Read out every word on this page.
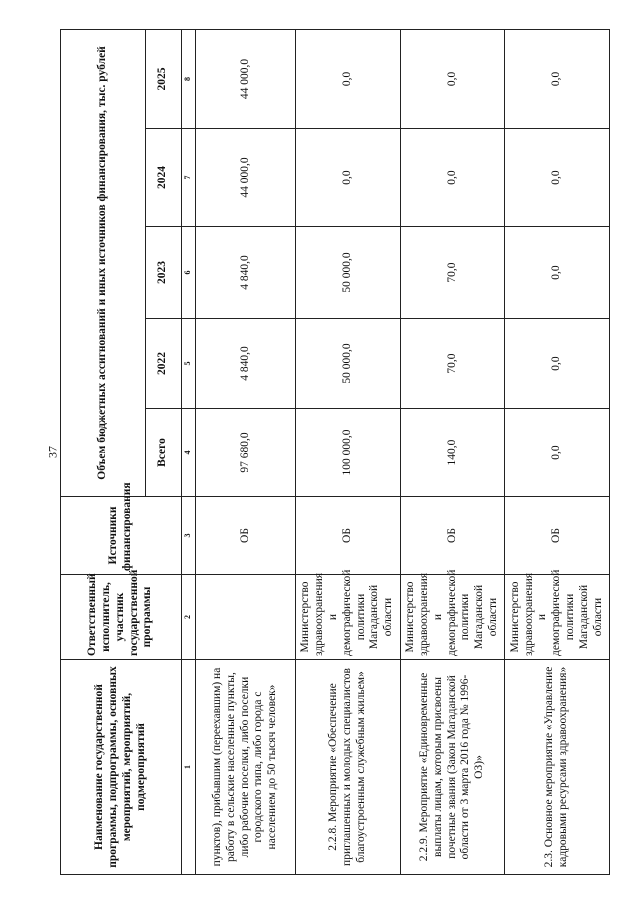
37
Наименование государственной программы, подпрограммы, основных мероприятий, мероприятий, подмероприятий	Ответственный исполнитель, участник государственной программы	Источники финансирования	Объем бюджетных ассигнований и иных источников финансирования, тыс. рублей				
			Всего	2022	2023	2024	2025
1	2	3	4	5	6	7	8
пунктов), прибывшим (переехавшим) на работу в сельские населенные пункты, либо рабочие поселки, либо поселки городского типа, либо города с населением до 50 тысяч человек»		ОБ	97 680,0	4 840,0	4 840,0	44 000,0	44 000,0
2.2.8. Мероприятие «Обеспечение приглашенных и молодых специалистов благоустроенным служебным жильем»	Министерство здравоохранения и демографической политики Магаданской области	ОБ	100 000,0	50 000,0	50 000,0	0,0	0,0
2.2.9. Мероприятие «Единовременные выплаты лицам, которым присвоены почетные звания (Закон Магаданской области от 3 марта 2016 года № 1996-ОЗ)»	Министерство здравоохранения и демографической политики Магаданской области	ОБ	140,0	70,0	70,0	0,0	0,0
2.3. Основное мероприятие «Управление кадровыми ресурсами здравоохранения»	Министерство здравоохранения и демографической политики Магаданской области	ОБ	0,0	0,0	0,0	0,0	0,0
